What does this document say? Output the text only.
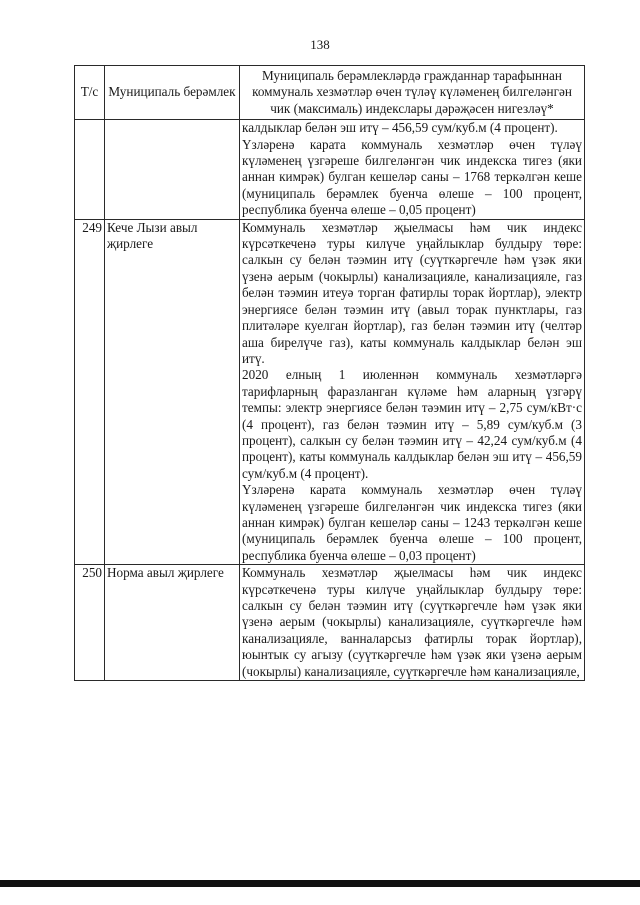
138
Т/с	Муниципаль берәмлек	Муниципаль берәмлекләрдә гражданнар тарафыннан коммуналь хезмәтләр өчен түләү күләменең билгеләнгән чик (максималь) индекслары дәрәҗәсен нигезләү*

		калдыклар белән эш итү – 456,59 сум/куб.м (4 процент).
Үзләренә карата коммуналь хезмәтләр өчен түләү күләменең үзгәреше билгеләнгән чик индекска тигез (яки аннан кимрәк) булган кешеләр саны – 1768 теркәлгән кеше (муниципаль берәмлек буенча өлеше – 100 процент, республика буенча өлеше – 0,05 процент)

249	Кече Лызи авыл җирлеге	Коммуналь хезмәтләр җыелмасы һәм чик индекс күрсәткеченә туры килүче уңайлыклар булдыру төре: салкын су белән тәэмин итү (суүткәргечле һәм үзәк яки үзенә аерым (чокырлы) канализацияле, канализацияле, газ белән тәэмин итеуә торган фатирлы торак йортлар), электр энергиясе белән тәэмин итү (авыл торак пунктлары, газ плитәләре куелган йортлар), газ белән тәэмин итү (челтәр аша бирелүче газ), каты коммуналь калдыклар белән эш итү.
2020 елның 1 июленнән коммуналь хезмәтләргә тарифларның фаразланган күләме һәм аларның үзгәрү темпы: электр энергиясе белән тәэмин итү – 2,75 сум/кВт·с (4 процент), газ белән тәэмин итү – 5,89 сум/куб.м (3 процент), салкын су белән тәэмин итү – 42,24 сум/куб.м (4 процент), каты коммуналь калдыклар белән эш итү – 456,59 сум/куб.м (4 процент).
Үзләренә карата коммуналь хезмәтләр өчен түләү күләменең үзгәреше билгеләнгән чик индекска тигез (яки аннан кимрәк) булган кешеләр саны – 1243 теркәлгән кеше (муниципаль берәмлек буенча өлеше – 100 процент, республика буенча өлеше – 0,03 процент)

250	Норма авыл җирлеге	Коммуналь хезмәтләр җыелмасы һәм чик индекс күрсәткеченә туры килүче уңайлыклар булдыру төре: салкын су белән тәэмин итү (суүткәргечле һәм үзәк яки үзенә аерым (чокырлы) канализацияле, суүткәргечле һәм канализацияле, ванналарсыз фатирлы торак йортлар), юынтык су агызу (суүткәргечле һәм үзәк яки үзенә аерым (чокырлы) канализацияле, суүткәргечле һәм канализацияле,
